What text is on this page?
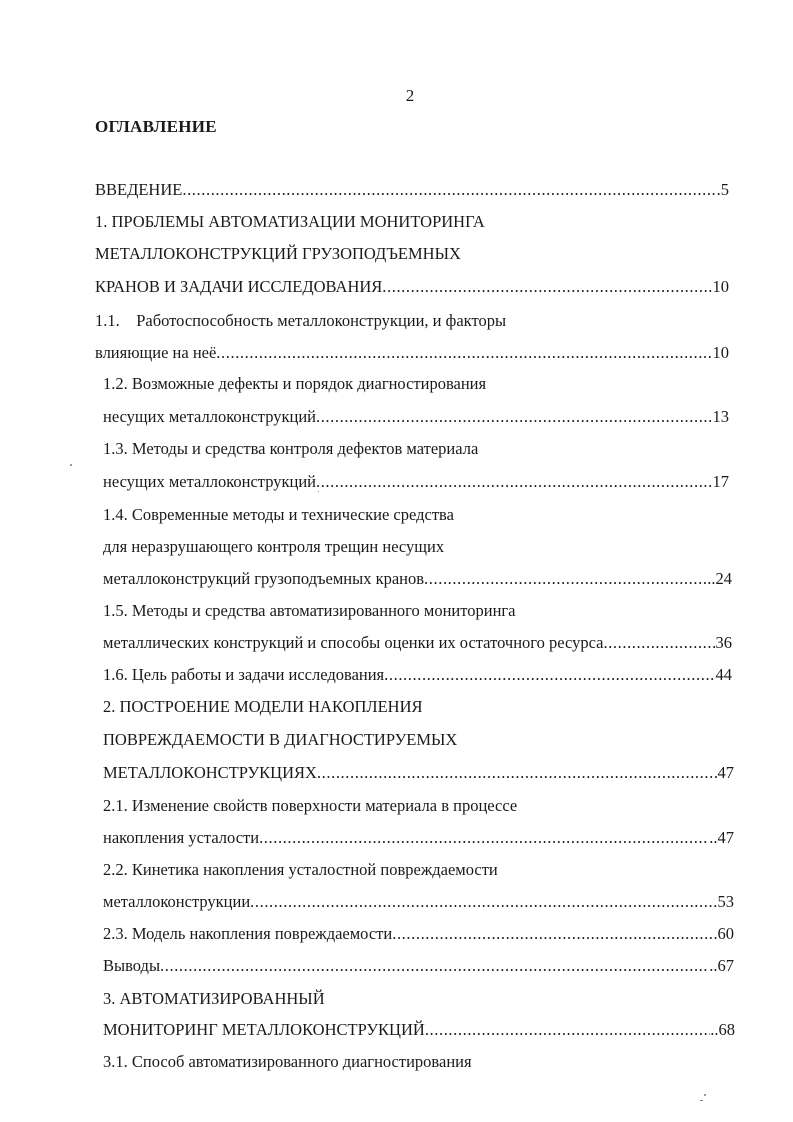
2
ОГЛАВЛЕНИЕ
ВВЕДЕНИЕ .....	.5
1. ПРОБЛЕМЫ АВТОМАТИЗАЦИИ МОНИТОРИНГА
МЕТАЛЛОКОНСТРУКЦИЙ ГРУЗОПОДЪЕМНЫХ
КРАНОВ И ЗАДАЧИ ИССЛЕДОВАНИЯ .....	10
1.1.    Работоспособность металлоконструкции, и факторы
влияющие на неё .....	10
1.2. Возможные дефекты и порядок диагностирования
несущих металлоконструкций .....	13
1.3. Методы и средства контроля дефектов материала
несущих металлоконструкций .....	17
1.4. Современные методы и технические средства
для неразрушающего контроля трещин несущих
металлоконструкций грузоподъемных кранов .....	..24
1.5. Методы и средства автоматизированного мониторинга
металлических конструкций и способы оценки их остаточного ресурса .....	36
1.6. Цель работы и задачи исследования .....	44
2. ПОСТРОЕНИЕ МОДЕЛИ НАКОПЛЕНИЯ
ПОВРЕЖДАЕМОСТИ В ДИАГНОСТИРУЕМЫХ
МЕТАЛЛОКОНСТРУКЦИЯХ .....	47
2.1. Изменение свойств поверхности материала в процессе
накопления усталости .....	..47
2.2. Кинетика накопления усталостной повреждаемости
металлоконструкции .....	53
2.3. Модель накопления повреждаемости .....	60
Выводы .....	..67
3. АВТОМАТИЗИРОВАННЫЙ
МОНИТОРИНГ МЕТАЛЛОКОНСТРУКЦИЙ .....	..68
3.1. Способ автоматизированного диагностирования
